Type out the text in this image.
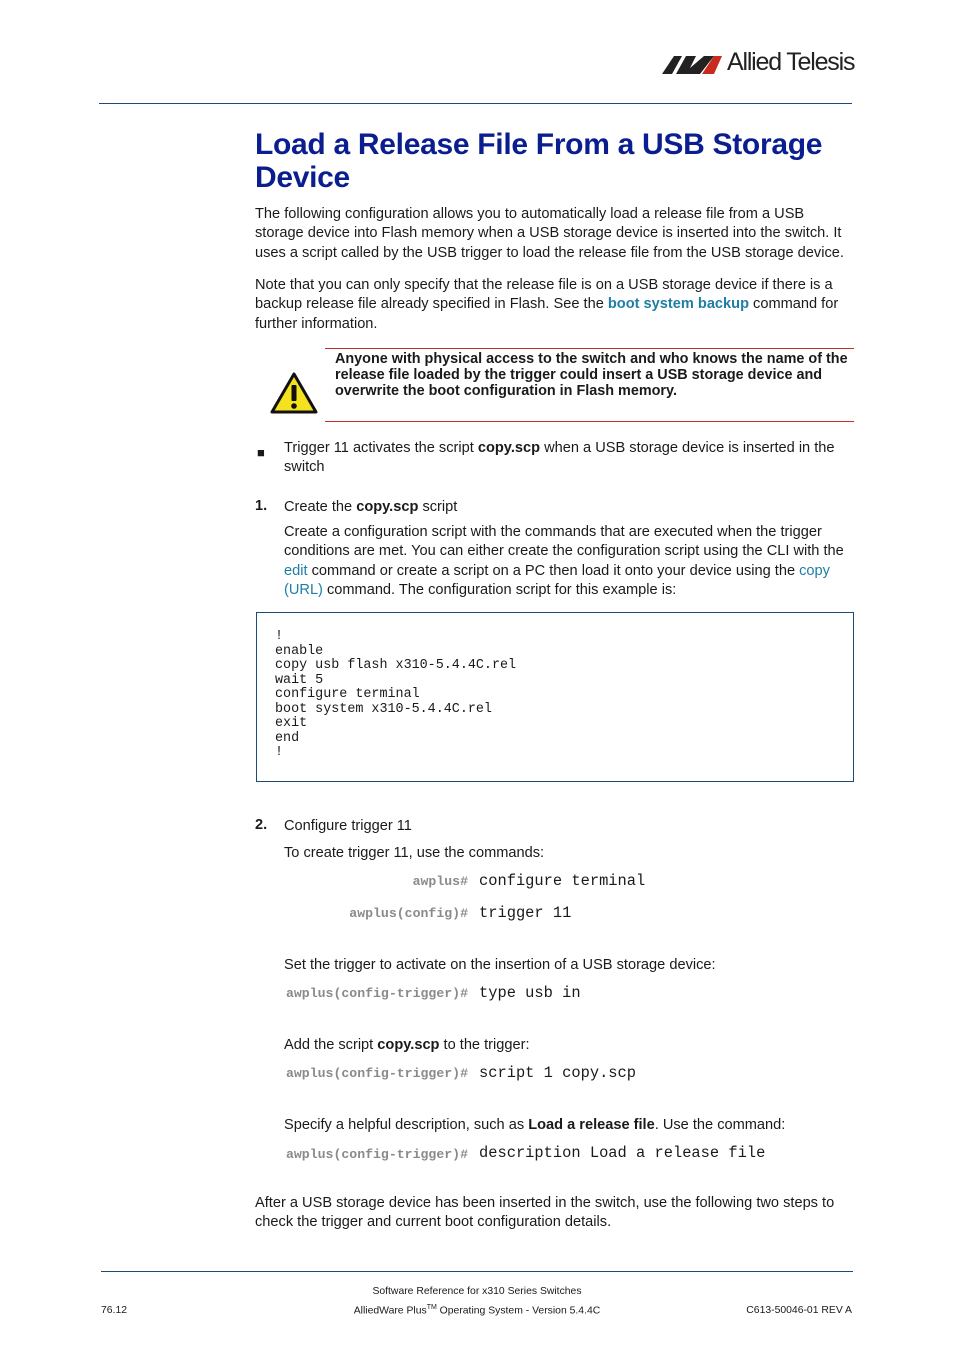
Allied Telesis
Load a Release File From a USB Storage Device
The following configuration allows you to automatically load a release file from a USB storage device into Flash memory when a USB storage device is inserted into the switch. It uses a script called by the USB trigger to load the release file from the USB storage device.
Note that you can only specify that the release file is on a USB storage device if there is a backup release file already specified in Flash. See the boot system backup command for further information.
Anyone with physical access to the switch and who knows the name of the release file loaded by the trigger could insert a USB storage device and overwrite the boot configuration in Flash memory.
■ Trigger 11 activates the script copy.scp when a USB storage device is inserted in the switch
1. Create the copy.scp script
Create a configuration script with the commands that are executed when the trigger conditions are met. You can either create the configuration script using the CLI with the edit command or create a script on a PC then load it onto your device using the copy (URL) command. The configuration script for this example is:
!
enable
copy usb flash x310-5.4.4C.rel
wait 5
configure terminal
boot system x310-5.4.4C.rel
exit
end
!
2. Configure trigger 11
To create trigger 11, use the commands:
awplus# configure terminal
awplus(config)# trigger 11
Set the trigger to activate on the insertion of a USB storage device:
awplus(config-trigger)# type usb in
Add the script copy.scp to the trigger:
awplus(config-trigger)# script 1 copy.scp
Specify a helpful description, such as Load a release file. Use the command:
awplus(config-trigger)# description Load a release file
After a USB storage device has been inserted in the switch, use the following two steps to check the trigger and current boot configuration details.
Software Reference for x310 Series Switches
AlliedWare Plus™ Operating System - Version 5.4.4C
76.12	C613-50046-01 REV A
